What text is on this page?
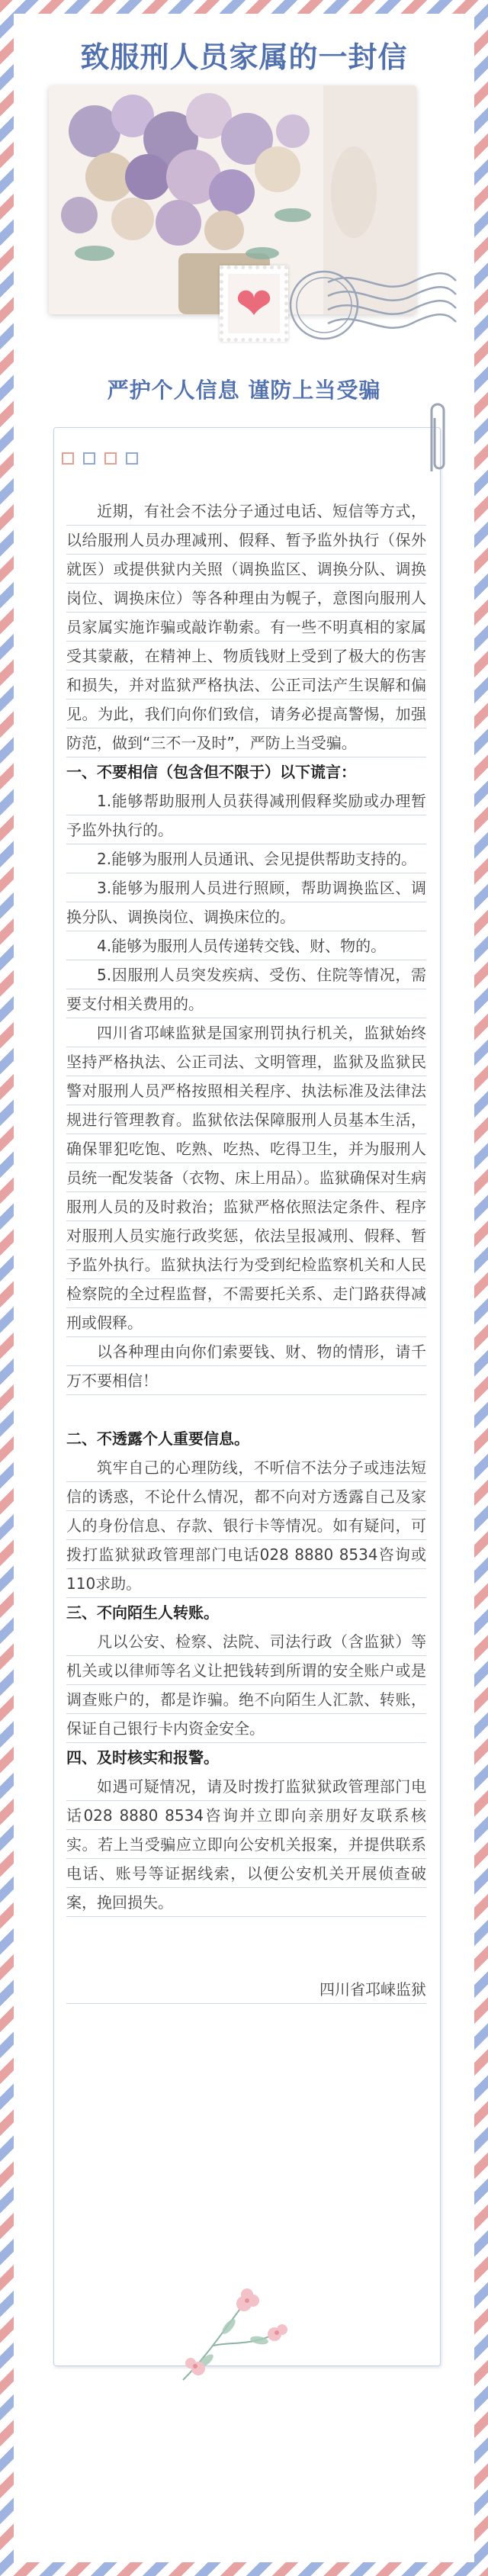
致服刑人员家属的一封信
❤
严护个人信息 谨防上当受骗

近期，有社会不法分子通过电话、短信等方式，以给服刑人员办理减刑、假释、暂予监外执行（保外就医）或提供狱内关照（调换监区、调换分队、调换岗位、调换床位）等各种理由为幌子，意图向服刑人员家属实施诈骗或敲诈勒索。有一些不明真相的家属受其蒙蔽，在精神上、物质钱财上受到了极大的伤害和损失，并对监狱严格执法、公正司法产生误解和偏见。为此，我们向你们致信，请务必提高警惕，加强防范，做到“三不一及时”，严防上当受骗。

一、不要相信（包含但不限于）以下谎言：

1.能够帮助服刑人员获得减刑假释奖励或办理暂予监外执行的。

2.能够为服刑人员通讯、会见提供帮助支持的。

3.能够为服刑人员进行照顾，帮助调换监区、调换分队、调换岗位、调换床位的。

4.能够为服刑人员传递转交钱、财、物的。

5.因服刑人员突发疾病、受伤、住院等情况，需要支付相关费用的。

四川省邛崃监狱是国家刑罚执行机关，监狱始终坚持严格执法、公正司法、文明管理，监狱及监狱民警对服刑人员严格按照相关程序、执法标准及法律法规进行管理教育。监狱依法保障服刑人员基本生活，确保罪犯吃饱、吃熟、吃热、吃得卫生，并为服刑人员统一配发装备（衣物、床上用品）。监狱确保对生病服刑人员的及时救治；监狱严格依照法定条件、程序对服刑人员实施行政奖惩，依法呈报减刑、假释、暂予监外执行。监狱执法行为受到纪检监察机关和人民检察院的全过程监督，不需要托关系、走门路获得减刑或假释。

以各种理由向你们索要钱、财、物的情形，请千万不要相信！

二、不透露个人重要信息。

筑牢自己的心理防线，不听信不法分子或违法短信的诱惑，不论什么情况，都不向对方透露自己及家人的身份信息、存款、银行卡等情况。如有疑问，可拨打监狱狱政管理部门电话028 8880 8534咨询或110求助。

三、不向陌生人转账。

凡以公安、检察、法院、司法行政（含监狱）等机关或以律师等名义让把钱转到所谓的安全账户或是调查账户的，都是诈骗。绝不向陌生人汇款、转账，保证自己银行卡内资金安全。

四、及时核实和报警。

如遇可疑情况，请及时拨打监狱狱政管理部门电话028 8880 8534咨询并立即向亲朋好友联系核实。若上当受骗应立即向公安机关报案，并提供联系电话、账号等证据线索，以便公安机关开展侦查破案，挽回损失。

四川省邛崃监狱
